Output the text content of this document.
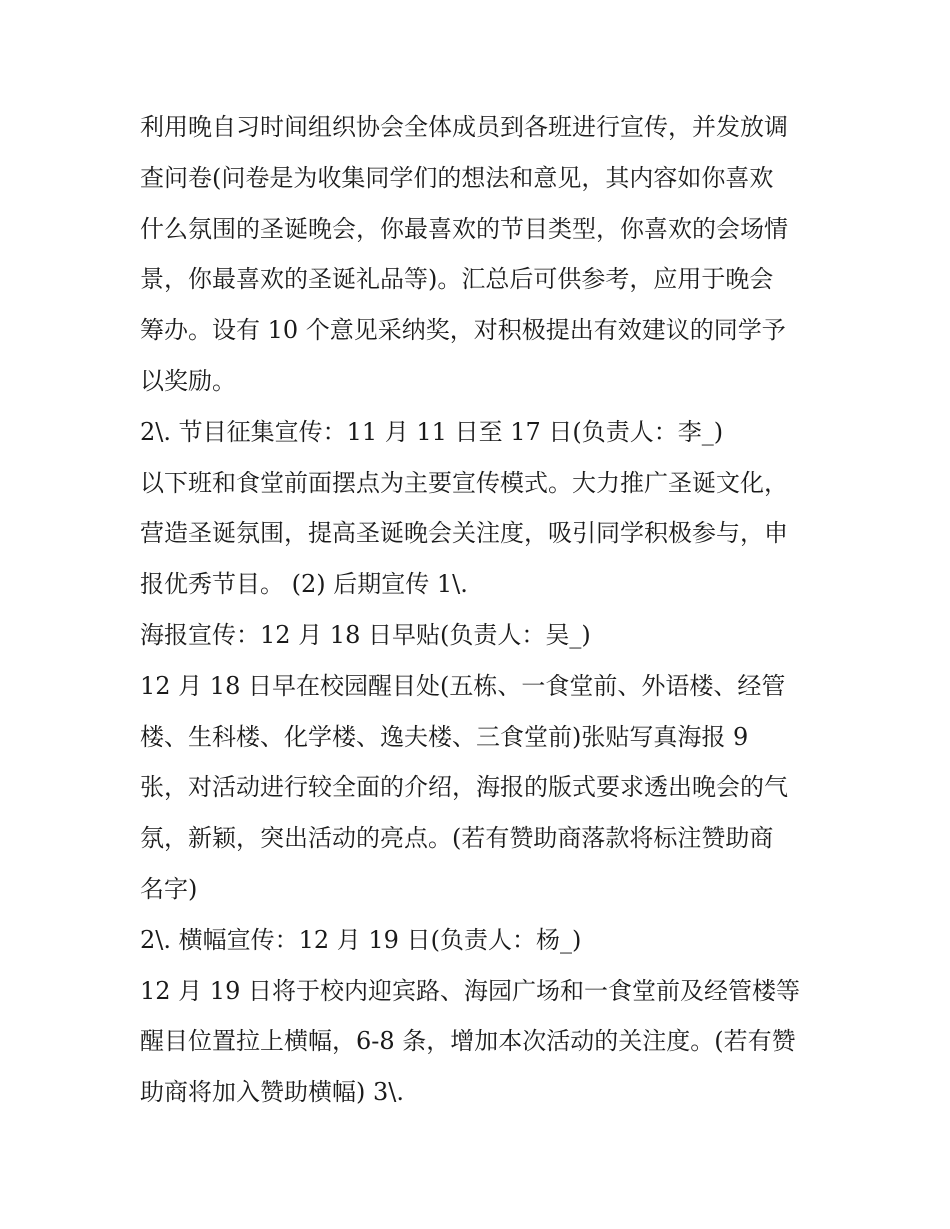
利用晚自习时间组织协会全体成员到各班进行宣传，并发放调
查问卷(问卷是为收集同学们的想法和意见，其内容如你喜欢
什么氛围的圣诞晚会，你最喜欢的节目类型，你喜欢的会场情
景，你最喜欢的圣诞礼品等)。汇总后可供参考，应用于晚会
筹办。设有 10 个意见采纳奖，对积极提出有效建议的同学予
以奖励。
2\. 节目征集宣传：11 月 11 日至 17 日(负责人：李_)
以下班和食堂前面摆点为主要宣传模式。大力推广圣诞文化，
营造圣诞氛围，提高圣诞晚会关注度，吸引同学积极参与，申
报优秀节目。 (2) 后期宣传 1\.
海报宣传：12 月 18 日早贴(负责人：吴_)
12 月 18 日早在校园醒目处(五栋、一食堂前、外语楼、经管
楼、生科楼、化学楼、逸夫楼、三食堂前)张贴写真海报 9
张，对活动进行较全面的介绍，海报的版式要求透出晚会的气
氛，新颖，突出活动的亮点。(若有赞助商落款将标注赞助商
名字)
2\. 横幅宣传：12 月 19 日(负责人：杨_)
12 月 19 日将于校内迎宾路、海园广场和一食堂前及经管楼等
醒目位置拉上横幅，6-8 条，增加本次活动的关注度。(若有赞
助商将加入赞助横幅) 3\.
